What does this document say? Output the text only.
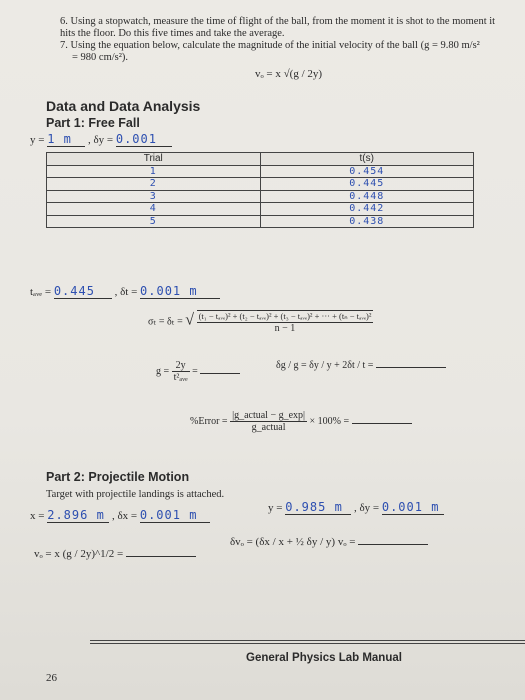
6. Using a stopwatch, measure the time of flight of the ball, from the moment it is shot to the moment it hits the floor. Do this five times and take the average.
7. Using the equation below, calculate the magnitude of the initial velocity of the ball (g = 9.80 m/s²
= 980 cm/s²).
vₒ = x √(g / 2y)
Data and Data Analysis
Part 1: Free Fall
y = 1 m , δy = 0.001
Trial	t(s)
1	0.454
2	0.445
3	0.448
4	0.442
5	0.438
tₐᵥₑ = 0.445 , δt = 0.001 m
σₜ = δₜ = √ (t₁ − tₐᵥₑ)² + (t₂ − tₐᵥₑ)² + (t₃ − tₐᵥₑ)² + ··· + (tₙ − tₐᵥₑ)²
n − 1
$g = \frac{2y}{\text{t²ₐᵥₑ}}$ =
δg / g = δy / y + 2δt / t =
%Error = $\frac{\text{|g\_actual − g\_exp|}}{\text{g\_actual}} \times 100\%$ =
Part 2: Projectile Motion
Target with projectile landings is attached.
x = 2.896 m , δx = 0.001 m	y = 0.985 m , δy = 0.001 m
vₒ = x (g / 2y)^1/2 =
δvₒ = (δx / x + ½ δy / y) vₒ =
General Physics Lab Manual
26
